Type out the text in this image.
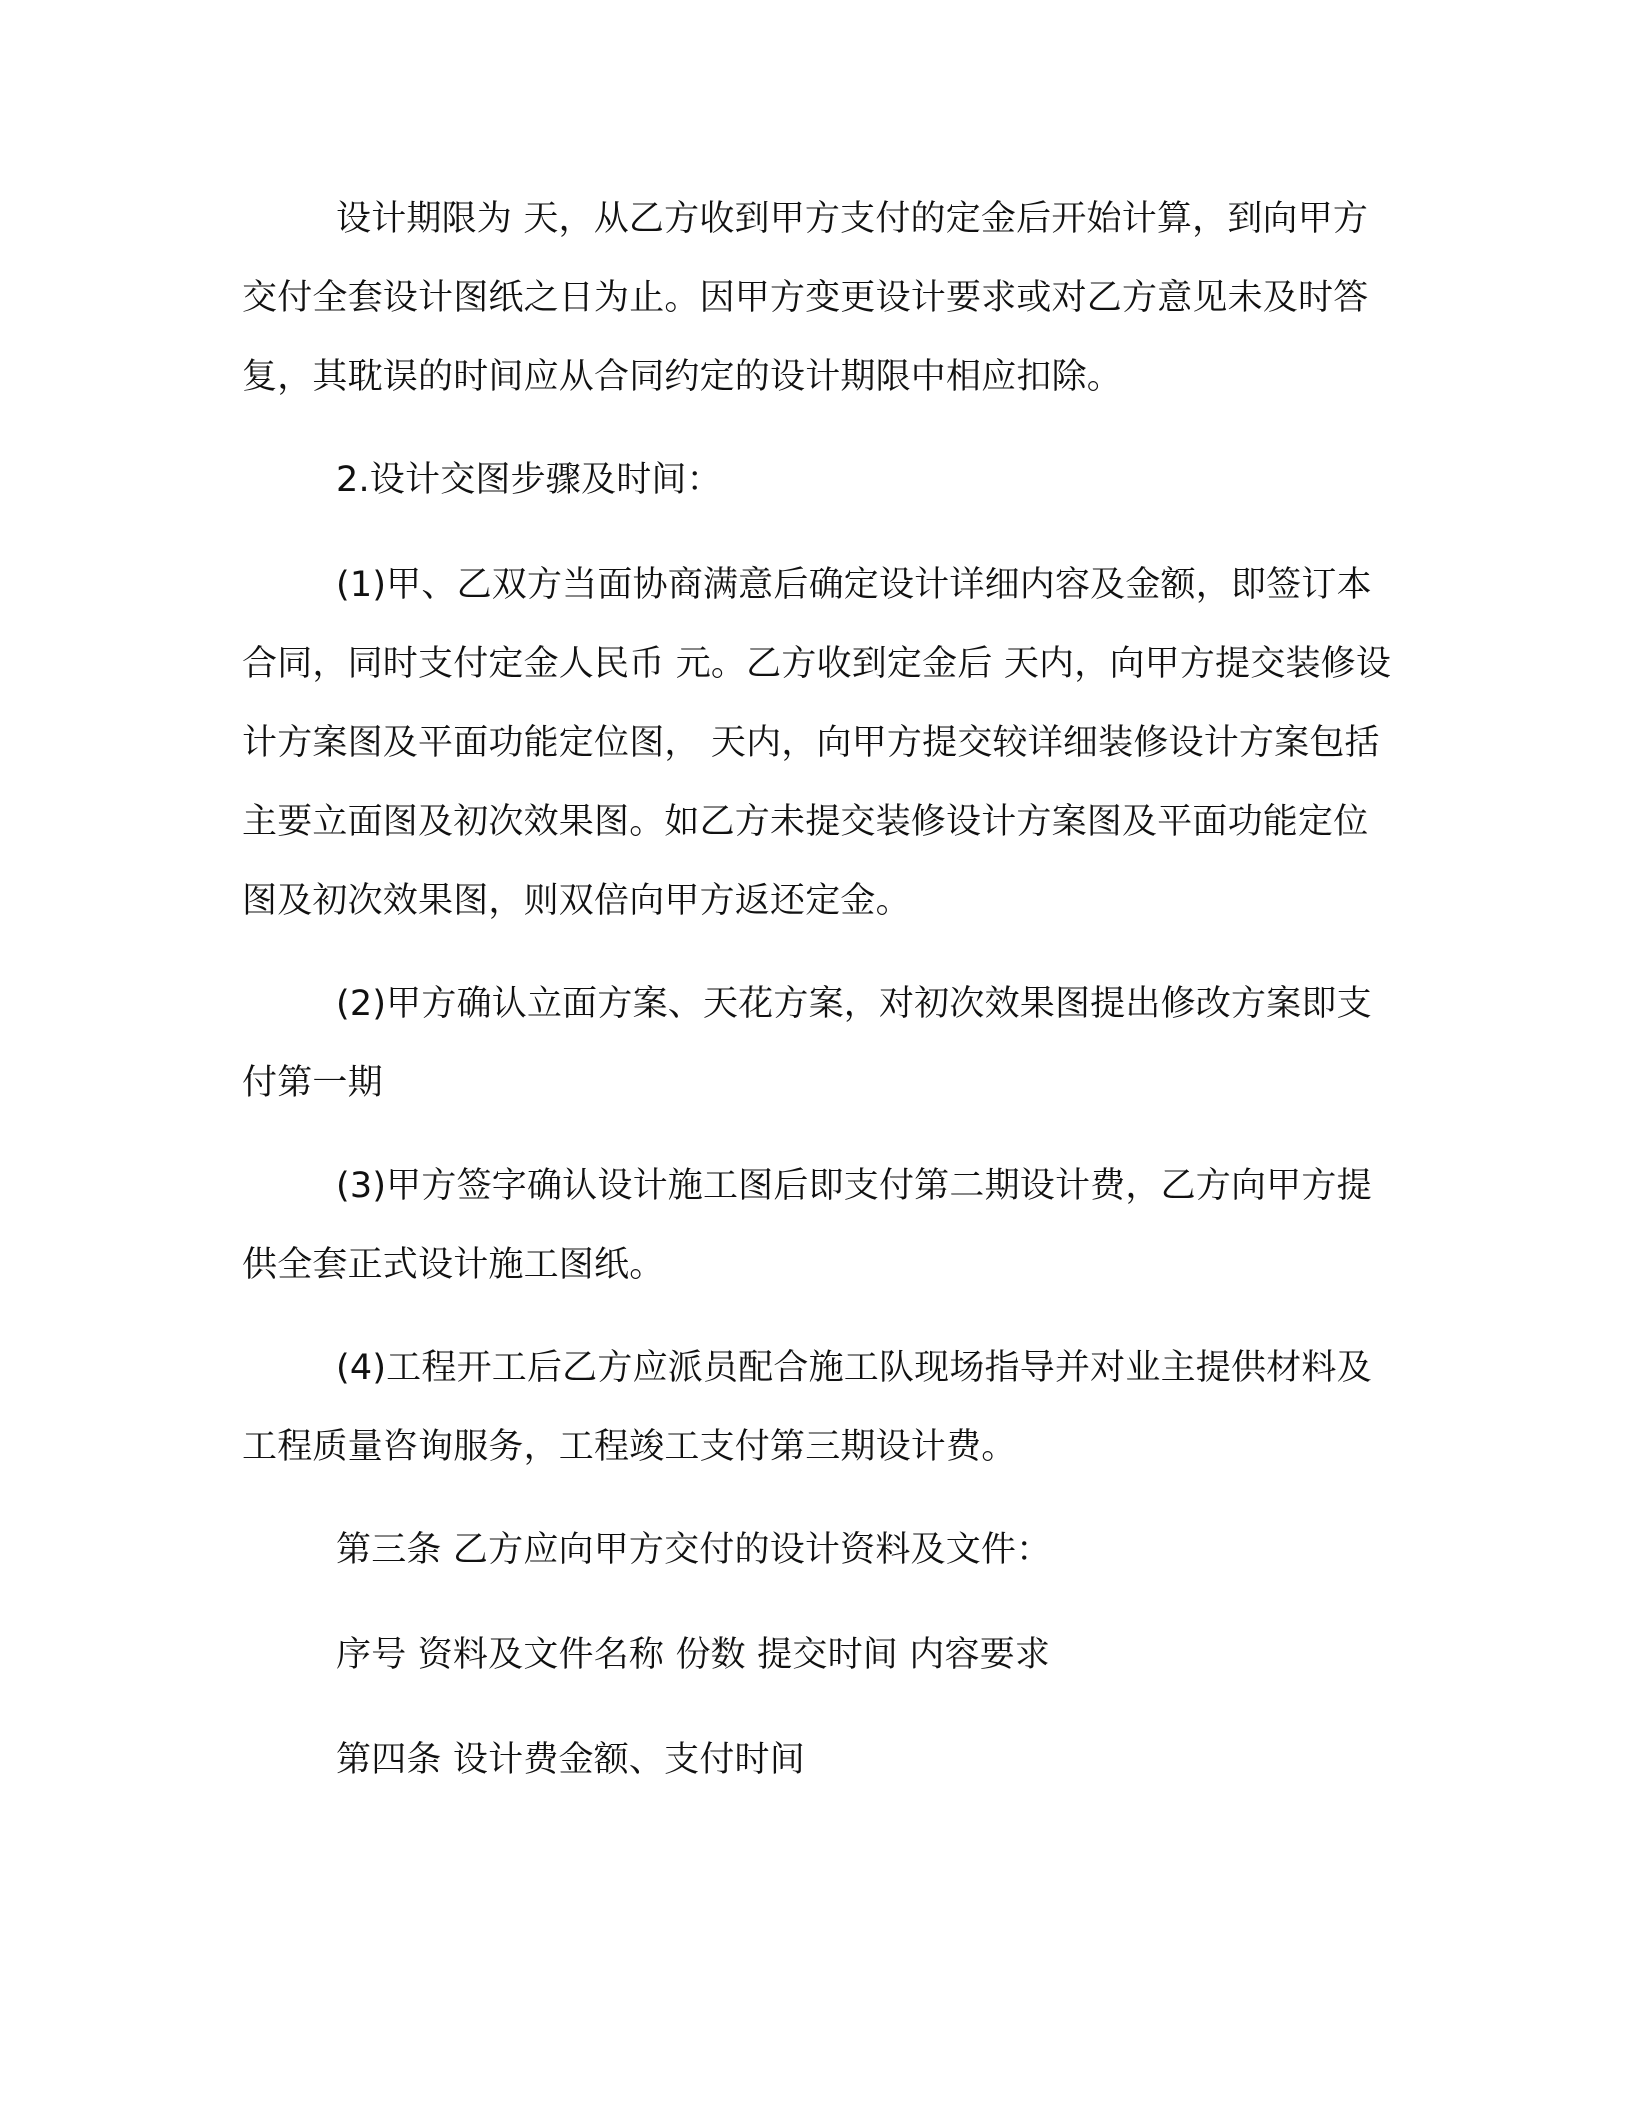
设计期限为 天，从乙方收到甲方支付的定金后开始计算，到向甲方交付全套设计图纸之日为止。因甲方变更设计要求或对乙方意见未及时答复，其耽误的时间应从合同约定的设计期限中相应扣除。

2.设计交图步骤及时间：

(1)甲、乙双方当面协商满意后确定设计详细内容及金额，即签订本合同，同时支付定金人民币 元。乙方收到定金后 天内，向甲方提交装修设计方案图及平面功能定位图， 天内，向甲方提交较详细装修设计方案包括主要立面图及初次效果图。如乙方未提交装修设计方案图及平面功能定位图及初次效果图，则双倍向甲方返还定金。

(2)甲方确认立面方案、天花方案，对初次效果图提出修改方案即支付第一期

(3)甲方签字确认设计施工图后即支付第二期设计费，乙方向甲方提供全套正式设计施工图纸。

(4)工程开工后乙方应派员配合施工队现场指导并对业主提供材料及工程质量咨询服务，工程竣工支付第三期设计费。

第三条 乙方应向甲方交付的设计资料及文件：

序号 资料及文件名称 份数 提交时间 内容要求

第四条 设计费金额、支付时间
